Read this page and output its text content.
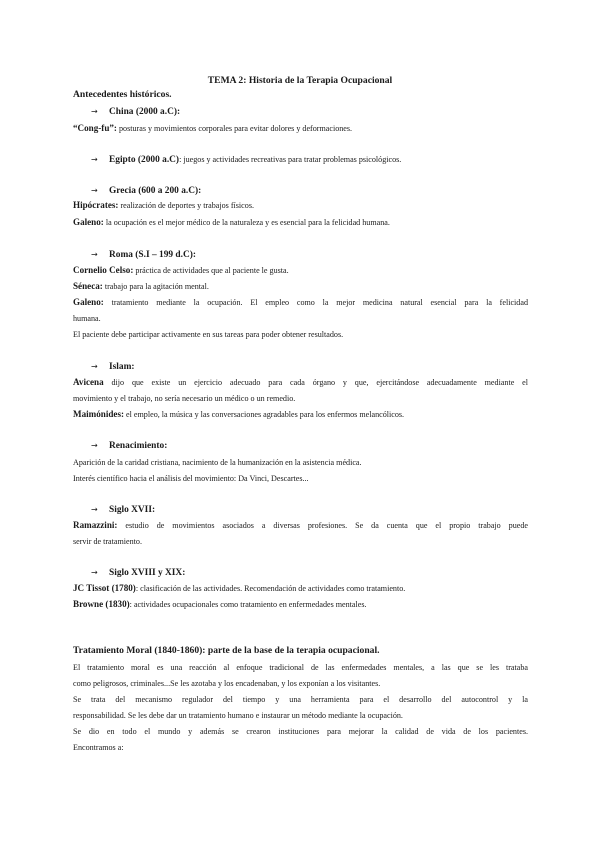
TEMA 2: Historia de la Terapia Ocupacional
Antecedentes históricos.
→ China (2000 a.C):
“Cong-fu”: posturas y movimientos corporales para evitar dolores y deformaciones.
→ Egipto (2000 a.C): juegos y actividades recreativas para tratar problemas psicológicos.
→ Grecia (600 a 200 a.C):
Hipócrates: realización de deportes y trabajos físicos.
Galeno: la ocupación es el mejor médico de la naturaleza y es esencial para la felicidad humana.
→ Roma (S.I – 199 d.C):
Cornelio Celso: práctica de actividades que al paciente le gusta.
Séneca: trabajo para la agitación mental.
Galeno: tratamiento mediante la ocupación. El empleo como la mejor medicina natural esencial para la felicidad
humana.
El paciente debe participar activamente en sus tareas para poder obtener resultados.
→ Islam:
Avicena dijo que existe un ejercicio adecuado para cada órgano y que, ejercitándose adecuadamente mediante el
movimiento y el trabajo, no sería necesario un médico o un remedio.
Maimónides: el empleo, la música y las conversaciones agradables para los enfermos melancólicos.
→ Renacimiento:
Aparición de la caridad cristiana, nacimiento de la humanización en la asistencia médica.
Interés científico hacia el análisis del movimiento: Da Vinci, Descartes...
→ Siglo XVII:
Ramazzini: estudio de movimientos asociados a diversas profesiones. Se da cuenta que el propio trabajo puede
servir de tratamiento.
→ Siglo XVIII y XIX:
JC Tissot (1780): clasificación de las actividades. Recomendación de actividades como tratamiento.
Browne (1830): actividades ocupacionales como tratamiento en enfermedades mentales.
Tratamiento Moral (1840-1860): parte de la base de la terapia ocupacional.
El tratamiento moral es una reacción al enfoque tradicional de las enfermedades mentales, a las que se les trataba
como peligrosos, criminales...Se les azotaba y los encadenaban, y los exponían a los visitantes.
Se trata del mecanismo regulador del tiempo y una herramienta para el desarrollo del autocontrol y la
responsabilidad. Se les debe dar un tratamiento humano e instaurar un método mediante la ocupación.
Se dio en todo el mundo y además se crearon instituciones para mejorar la calidad de vida de los pacientes.
Encontramos a:
